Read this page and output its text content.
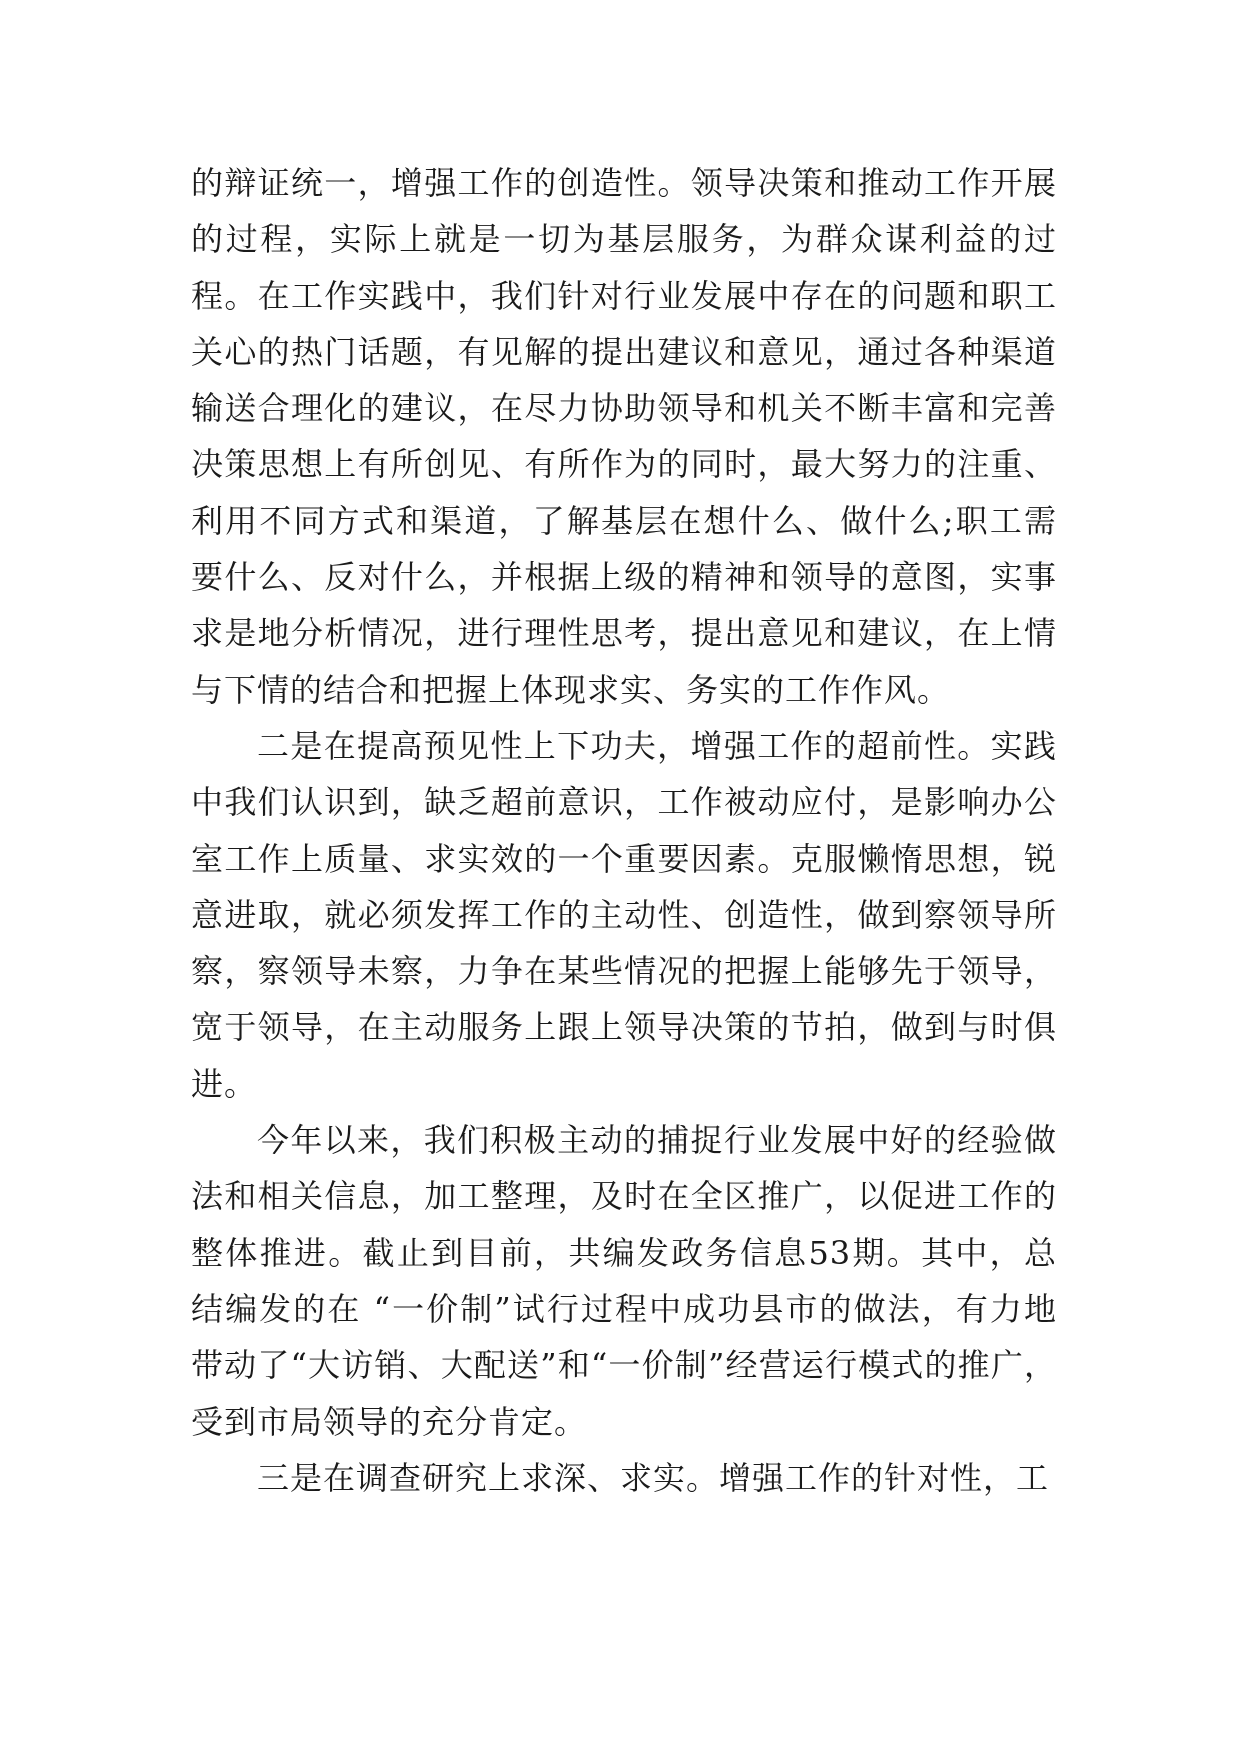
的辩证统一，增强工作的创造性。领导决策和推动工作开展的过程，实际上就是一切为基层服务，为群众谋利益的过程。在工作实践中，我们针对行业发展中存在的问题和职工关心的热门话题，有见解的提出建议和意见，通过各种渠道输送合理化的建议，在尽力协助领导和机关不断丰富和完善决策思想上有所创见、有所作为的同时，最大努力的注重、利用不同方式和渠道，了解基层在想什么、做什么;职工需要什么、反对什么，并根据上级的精神和领导的意图，实事求是地分析情况，进行理性思考，提出意见和建议，在上情与下情的结合和把握上体现求实、务实的工作作风。

二是在提高预见性上下功夫，增强工作的超前性。实践中我们认识到，缺乏超前意识，工作被动应付，是影响办公室工作上质量、求实效的一个重要因素。克服懒惰思想，锐意进取，就必须发挥工作的主动性、创造性，做到察领导所察，察领导未察，力争在某些情况的把握上能够先于领导，宽于领导，在主动服务上跟上领导决策的节拍，做到与时俱进。

今年以来，我们积极主动的捕捉行业发展中好的经验做法和相关信息，加工整理，及时在全区推广，以促进工作的整体推进。截止到目前，共编发政务信息53期。其中，总结编发的在 “一价制”试行过程中成功县市的做法，有力地带动了“大访销、大配送”和“一价制”经营运行模式的推广，受到市局领导的充分肯定。

三是在调查研究上求深、求实。增强工作的针对性，工
